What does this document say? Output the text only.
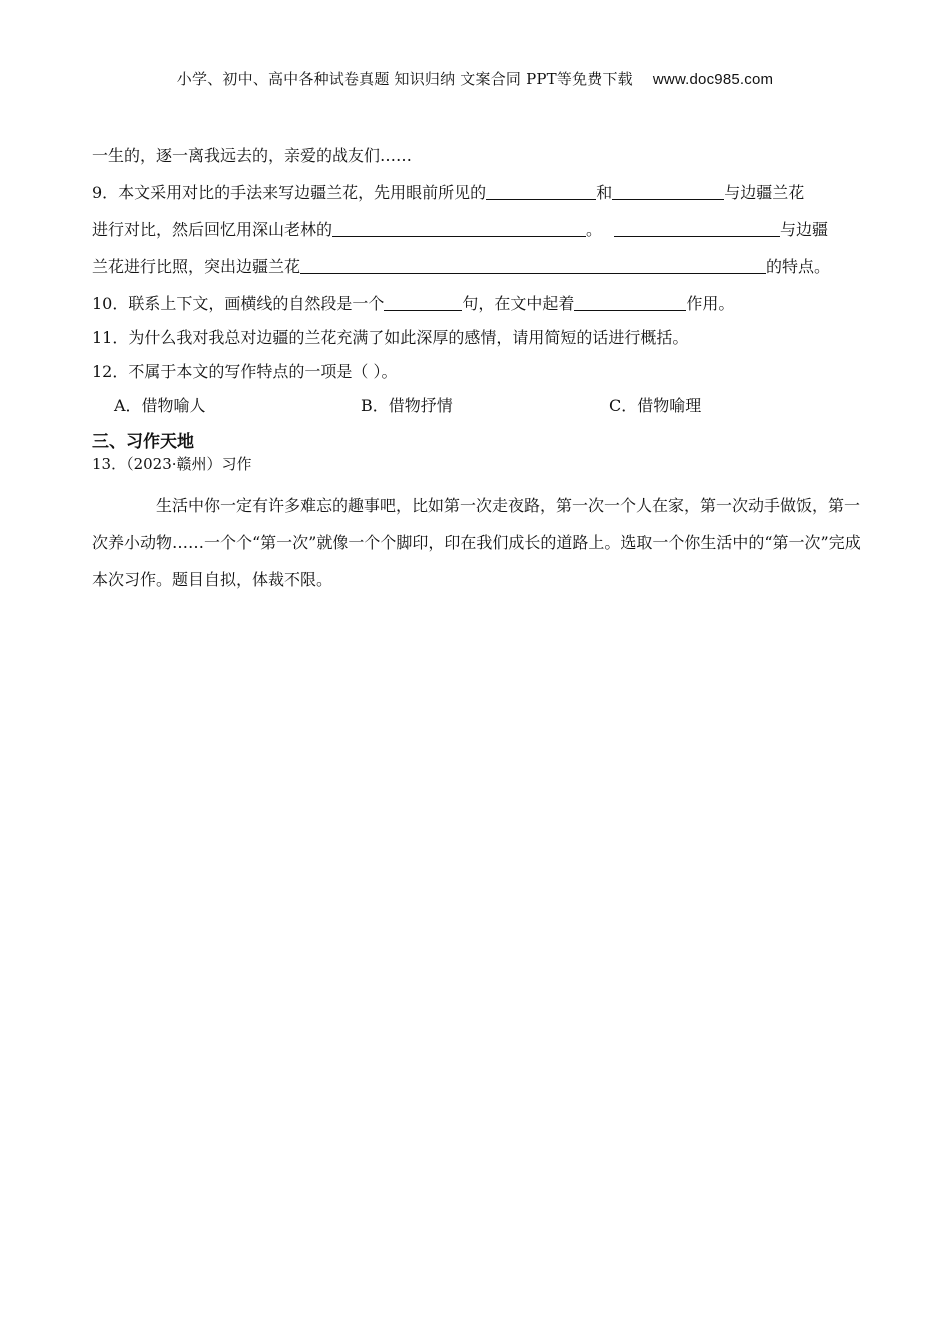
小学、初中、高中各种试卷真题 知识归纳 文案合同 PPT等免费下载 www.doc985.com
一生的，逐一离我远去的，亲爱的战友们……
9．本文采用对比的手法来写边疆兰花，先用眼前所见的	和	与边疆兰花
进行对比，然后回忆用深山老林的	。	与边疆
兰花进行比照，突出边疆兰花	的特点。
10．联系上下文，画横线的自然段是一个	句，在文中起着	作用。
11．为什么我对我总对边疆的兰花充满了如此深厚的感情，请用简短的话进行概括。
12．不属于本文的写作特点的一项是（ ）。
A．借物喻人	B．借物抒情	C．借物喻理
三、习作天地
13．（2023·赣州）习作
生活中你一定有许多难忘的趣事吧，比如第一次走夜路，第一次一个人在家，第一次动手做饭，第一次养小动物……一个个“第一次”就像一个个脚印，印在我们成长的道路上。选取一个你生活中的“第一次”完成本次习作。题目自拟，体裁不限。
